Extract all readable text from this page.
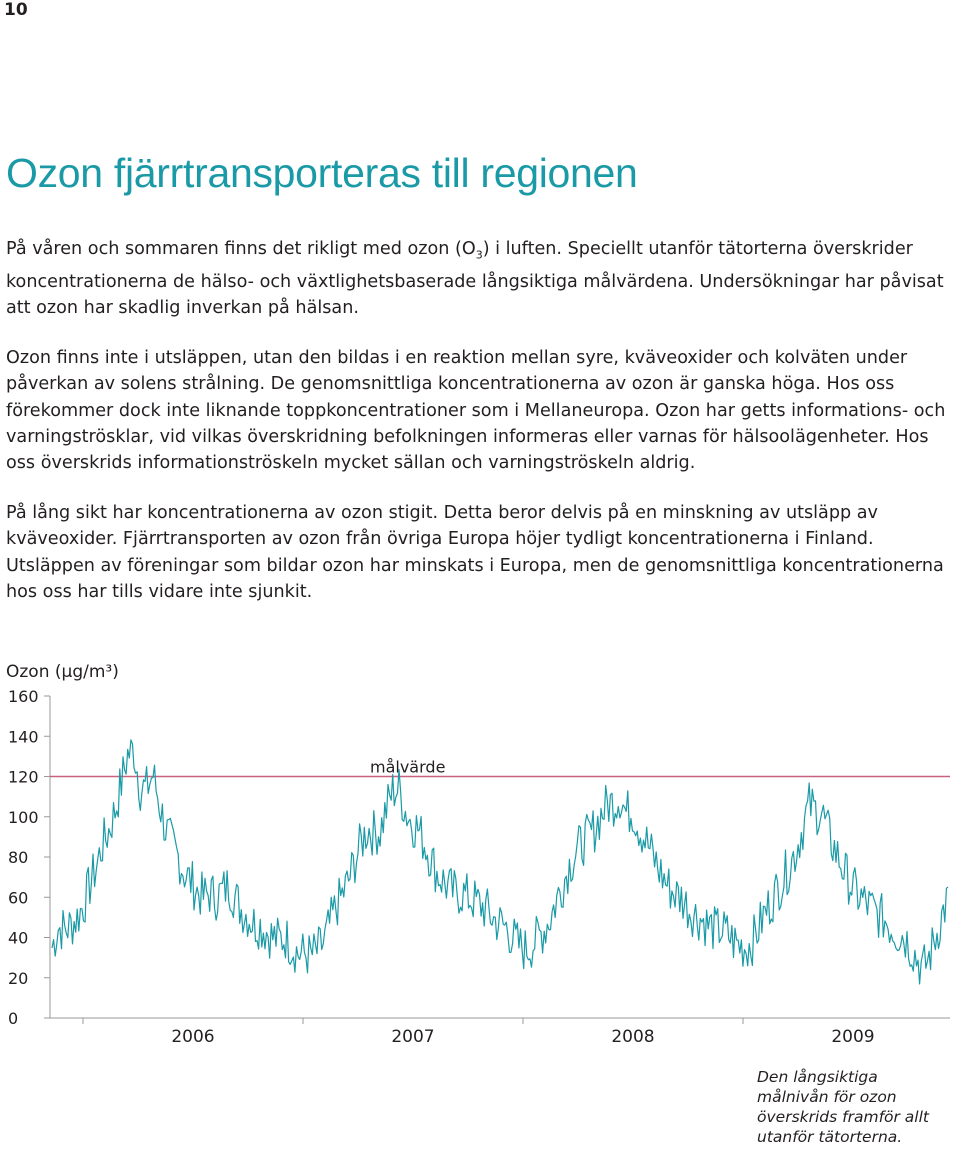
10
Ozon fjärrtransporteras till regionen

På våren och sommaren finns det rikligt med ozon $(O_3)$ i luften. Speciellt utanför tätorterna överskrider koncentrationerna de hälso- och växtlighetsbaserade långsiktiga målvärdena. Undersökningar har påvisat att ozon har skadlig inverkan på hälsan.

Ozon finns inte i utsläppen, utan den bildas i en reaktion mellan syre, kväveoxider och kolväten under påverkan av solens strålning. De genomsnittliga koncentrationerna av ozon är ganska höga. Hos oss förekommer dock inte liknande toppkoncentrationer som i Mellaneuropa. Ozon har getts informations- och varningströsklar, vid vilkas överskridning befolkningen informeras eller varnas för hälsoolägenheter. Hos oss överskrids informationströskeln mycket sällan och varningströskeln aldrig.

På lång sikt har koncentrationerna av ozon stigit. Detta beror delvis på en minskning av utsläpp av kväveoxider. Fjärrtransporten av ozon från övriga Europa höjer tydligt koncentrationerna i Finland. Utsläppen av föreningar som bildar ozon har minskats i Europa, men de genomsnittliga koncentrationerna hos oss har tills vidare inte sjunkit.

Ozon (µg/m³)
160
140
120
100
80
60
40
20
0
2006	2007	2008	2009
målvärde
Den långsiktiga målnivån för ozon överskrids framför allt utanför tätorterna.
